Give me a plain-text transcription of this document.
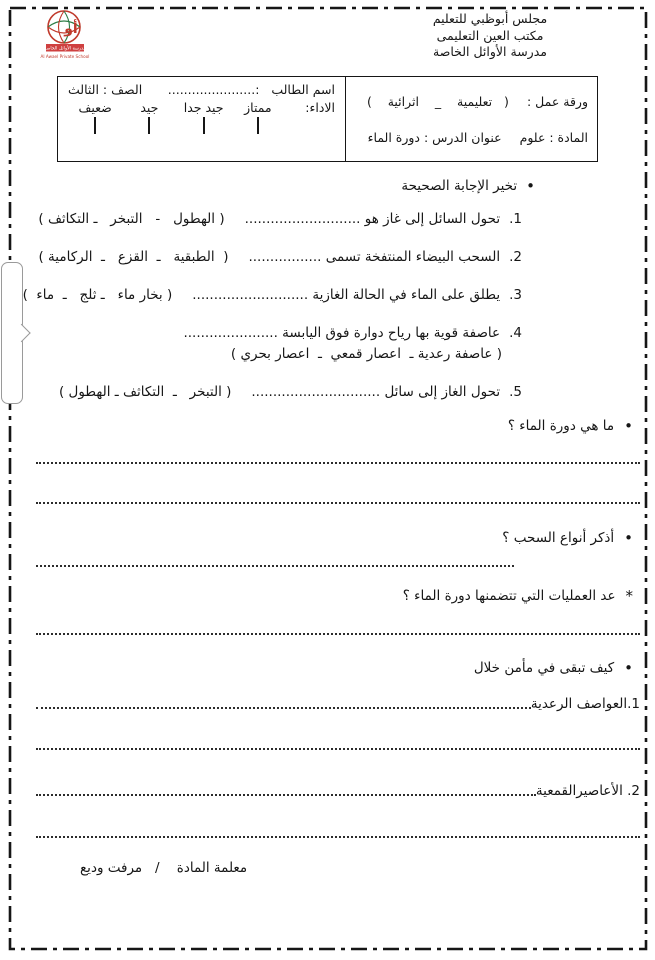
أو
مدرسة الأوائل الخاصة
Al Awael Private School
مجلس أبوظبي للتعليم
مكتب العين التعليمى
مدرسة الأوائل الخاصة
ورقة عمل :
(   تعليمية    _    اثرائية    )
المادة : علوم
عنوان الدرس : دورة الماء
اسم الطالب   :......................
الصف : الثالث
الاداء:
ممتاز
جيد جدا
جيد
ضعيف
•
تخير الإجابة الصحيحة
1.تحول السائل إلى غاز هو ...........................( الهطول   -   التبخر   ـ التكاثف )
2.السحب البيضاء المنتفخة تسمى .................(  الطبقية   ـ  القزع   ـ  الركامية )
3.يطلق على الماء في الحالة الغازية ...........................( بخار ماء   ـ ثلج   ـ  ماء  )
4.عاصفة قوية بها رياح دوارة فوق اليابسة ......................( عاصفة رعدية ـ  اعصار قمعي  ـ  اعصار بحري )
5.تحول الغاز إلى سائل ..............................( التبخر   ـ  التكاثف ـ الهطول )
•
ما هي دورة الماء ؟
•
أذكر أنواع السحب ؟
*
عد العمليات التي تتضمنها دورة الماء ؟
•
كيف تبقى في مأمن خلال
1.العواصف الرعدية
2. الأعاصيرالقمعية
معلمة المادة    /   مرفت وديع
